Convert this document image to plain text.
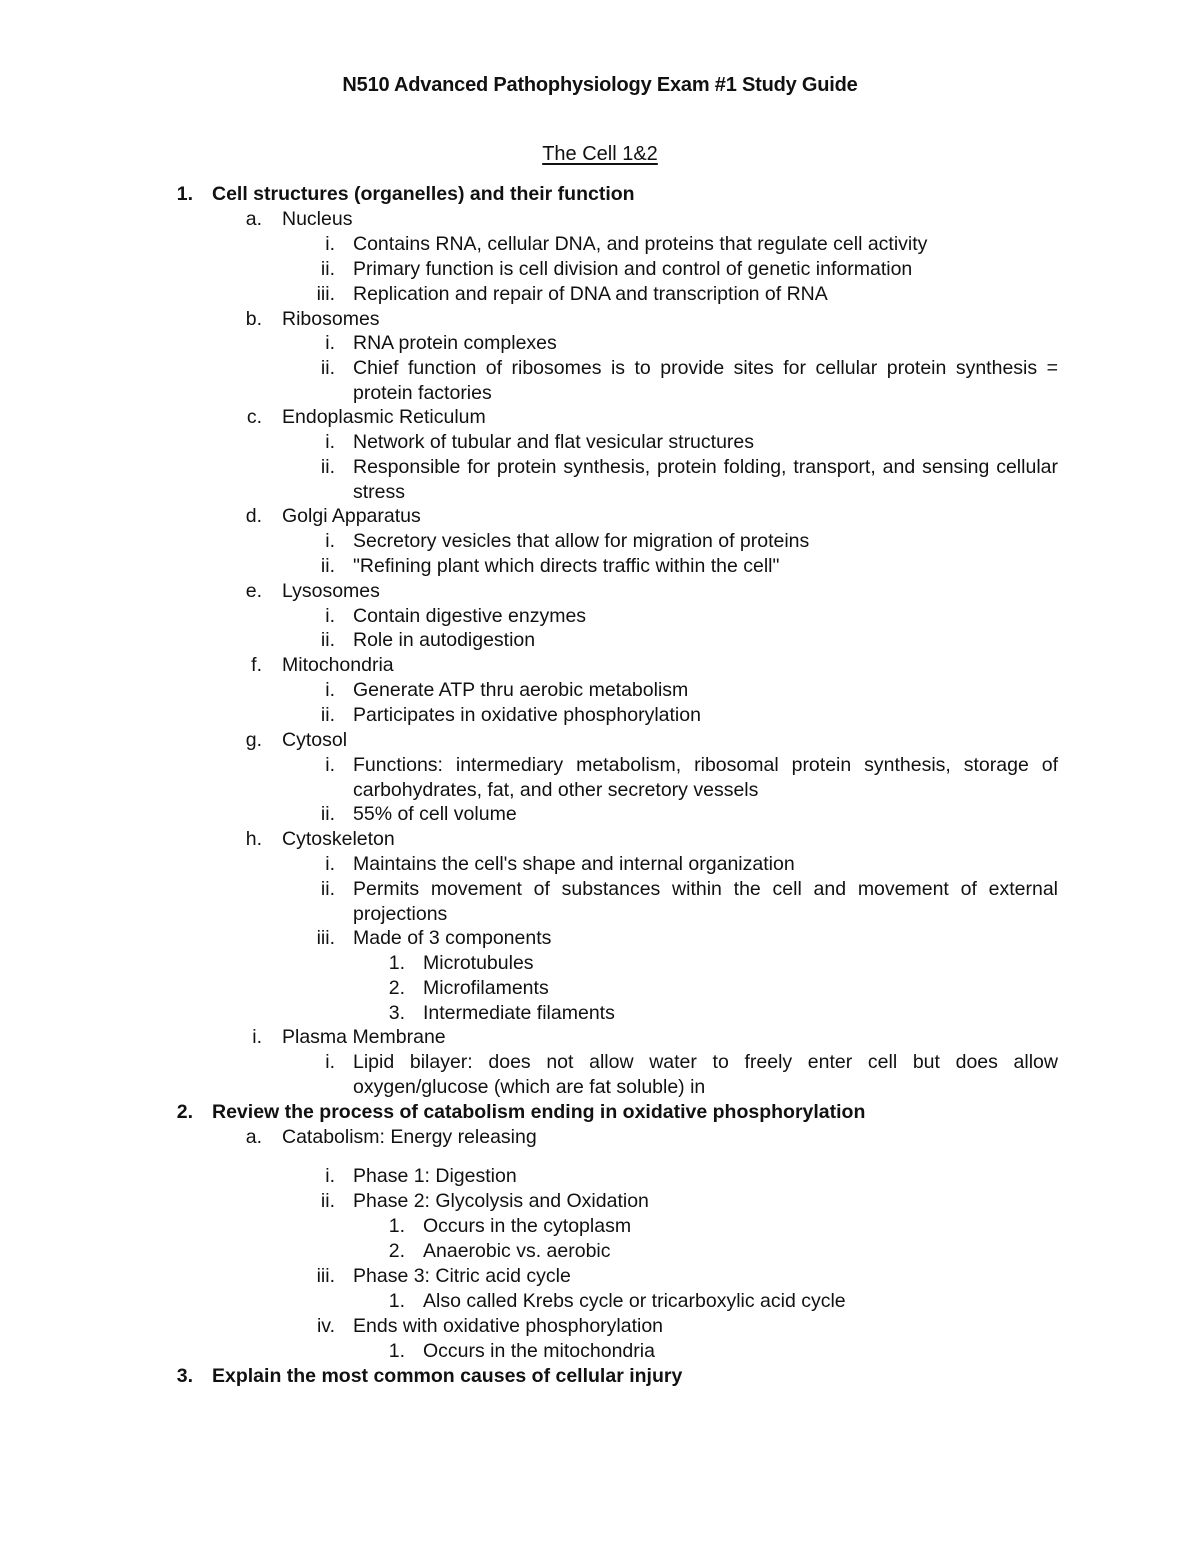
N510 Advanced Pathophysiology Exam #1 Study Guide
The Cell 1&2
1. Cell structures (organelles) and their function
a. Nucleus
i. Contains RNA, cellular DNA, and proteins that regulate cell activity
ii. Primary function is cell division and control of genetic information
iii. Replication and repair of DNA and transcription of RNA
b. Ribosomes
i. RNA protein complexes
ii. Chief function of ribosomes is to provide sites for cellular protein synthesis = protein factories
c. Endoplasmic Reticulum
i. Network of tubular and flat vesicular structures
ii. Responsible for protein synthesis, protein folding, transport, and sensing cellular stress
d. Golgi Apparatus
i. Secretory vesicles that allow for migration of proteins
ii. "Refining plant which directs traffic within the cell"
e. Lysosomes
i. Contain digestive enzymes
ii. Role in autodigestion
f. Mitochondria
i. Generate ATP thru aerobic metabolism
ii. Participates in oxidative phosphorylation
g. Cytosol
i. Functions: intermediary metabolism, ribosomal protein synthesis, storage of carbohydrates, fat, and other secretory vessels
ii. 55% of cell volume
h. Cytoskeleton
i. Maintains the cell's shape and internal organization
ii. Permits movement of substances within the cell and movement of external projections
iii. Made of 3 components
1. Microtubules
2. Microfilaments
3. Intermediate filaments
i. Plasma Membrane
i. Lipid bilayer: does not allow water to freely enter cell but does allow oxygen/glucose (which are fat soluble) in
2. Review the process of catabolism ending in oxidative phosphorylation
a. Catabolism: Energy releasing
i. Phase 1: Digestion
ii. Phase 2: Glycolysis and Oxidation
1. Occurs in the cytoplasm
2. Anaerobic vs. aerobic
iii. Phase 3: Citric acid cycle
1. Also called Krebs cycle or tricarboxylic acid cycle
iv. Ends with oxidative phosphorylation
1. Occurs in the mitochondria
3. Explain the most common causes of cellular injury
